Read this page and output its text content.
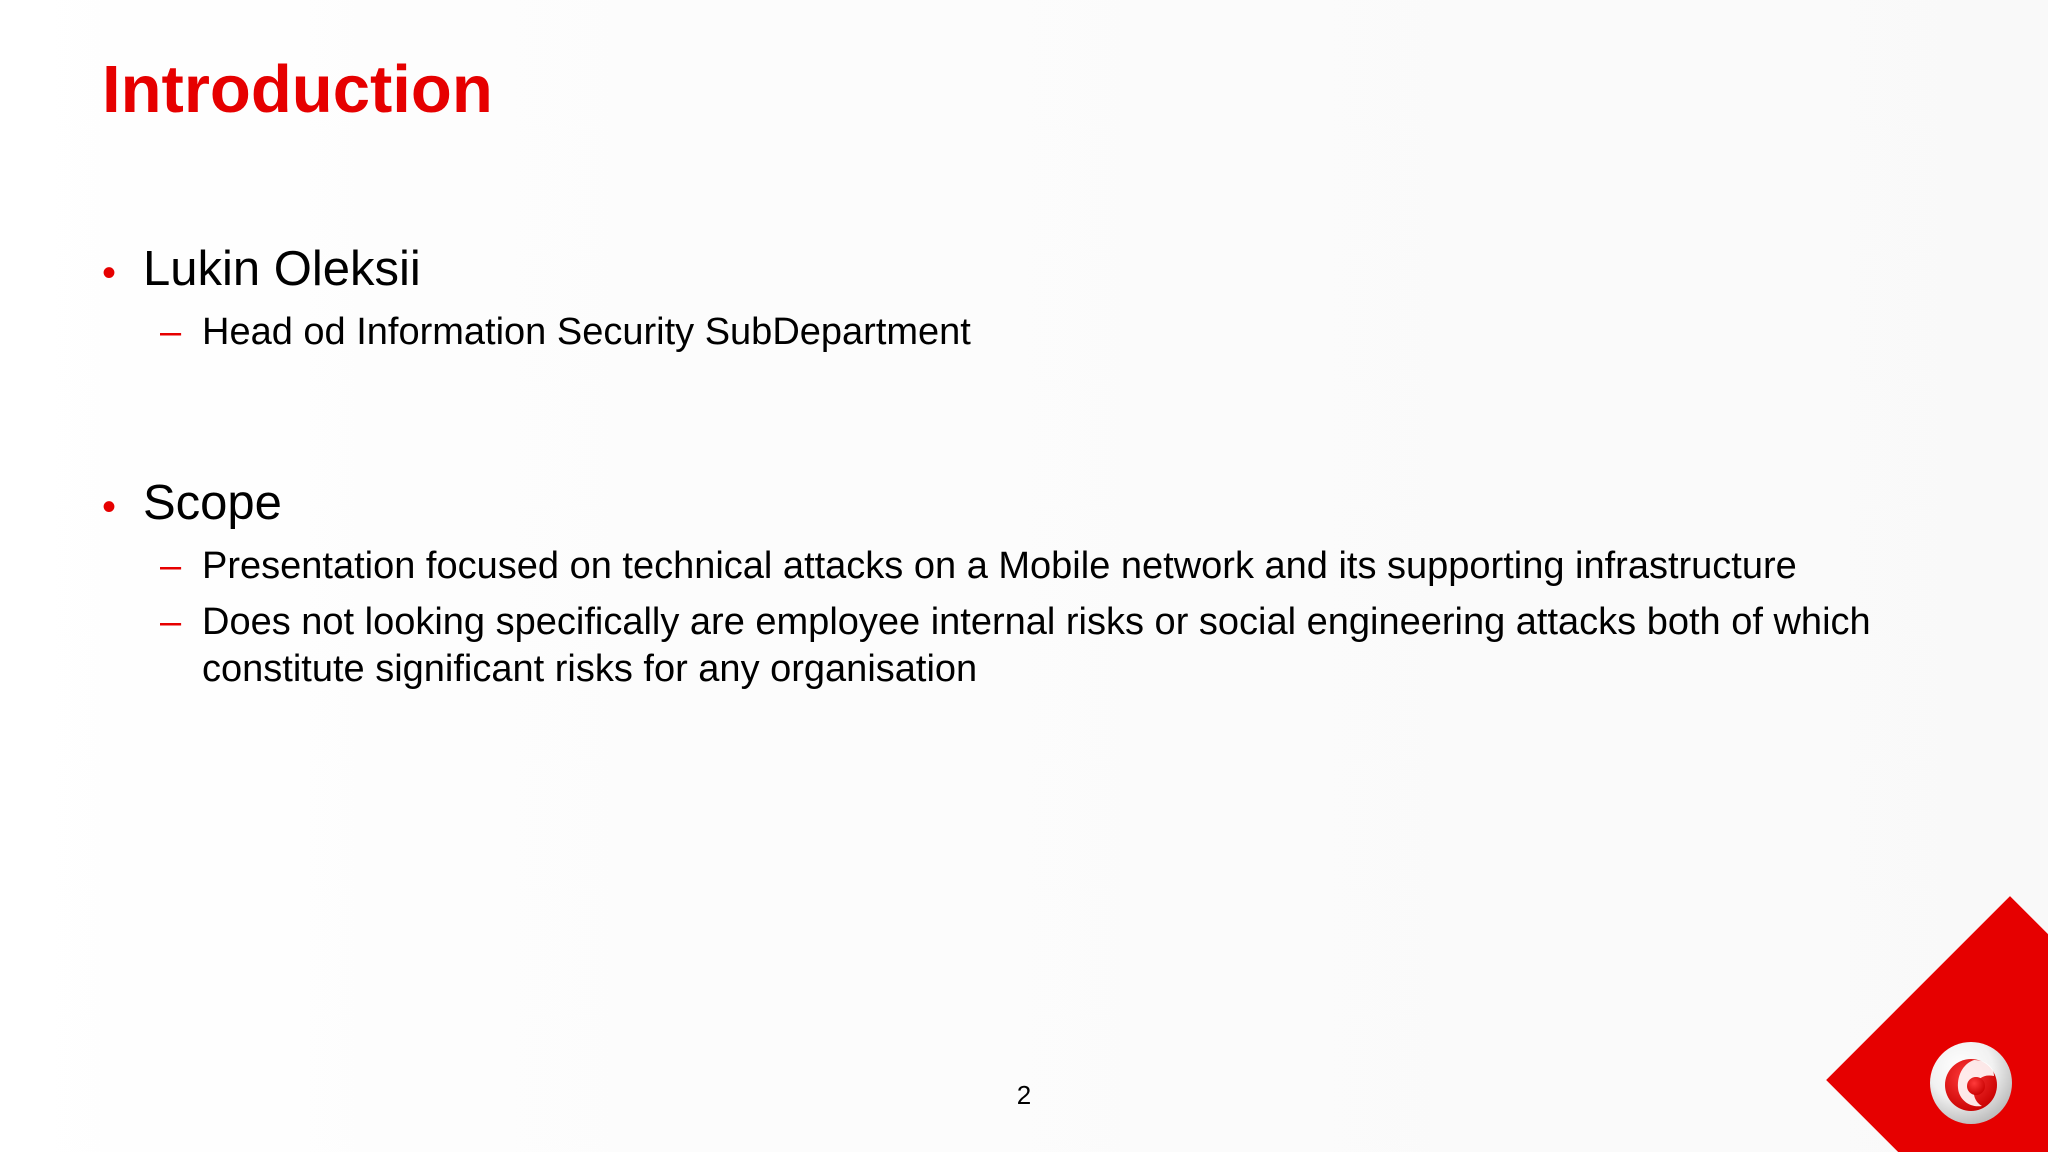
Introduction

• Lukin Oleksii

– Head od Information Security SubDepartment

• Scope

– Presentation focused on technical attacks on a Mobile network and its supporting infrastructure
– Does not looking specifically are employee internal risks or social engineering attacks both of which constitute significant risks for any organisation
2
